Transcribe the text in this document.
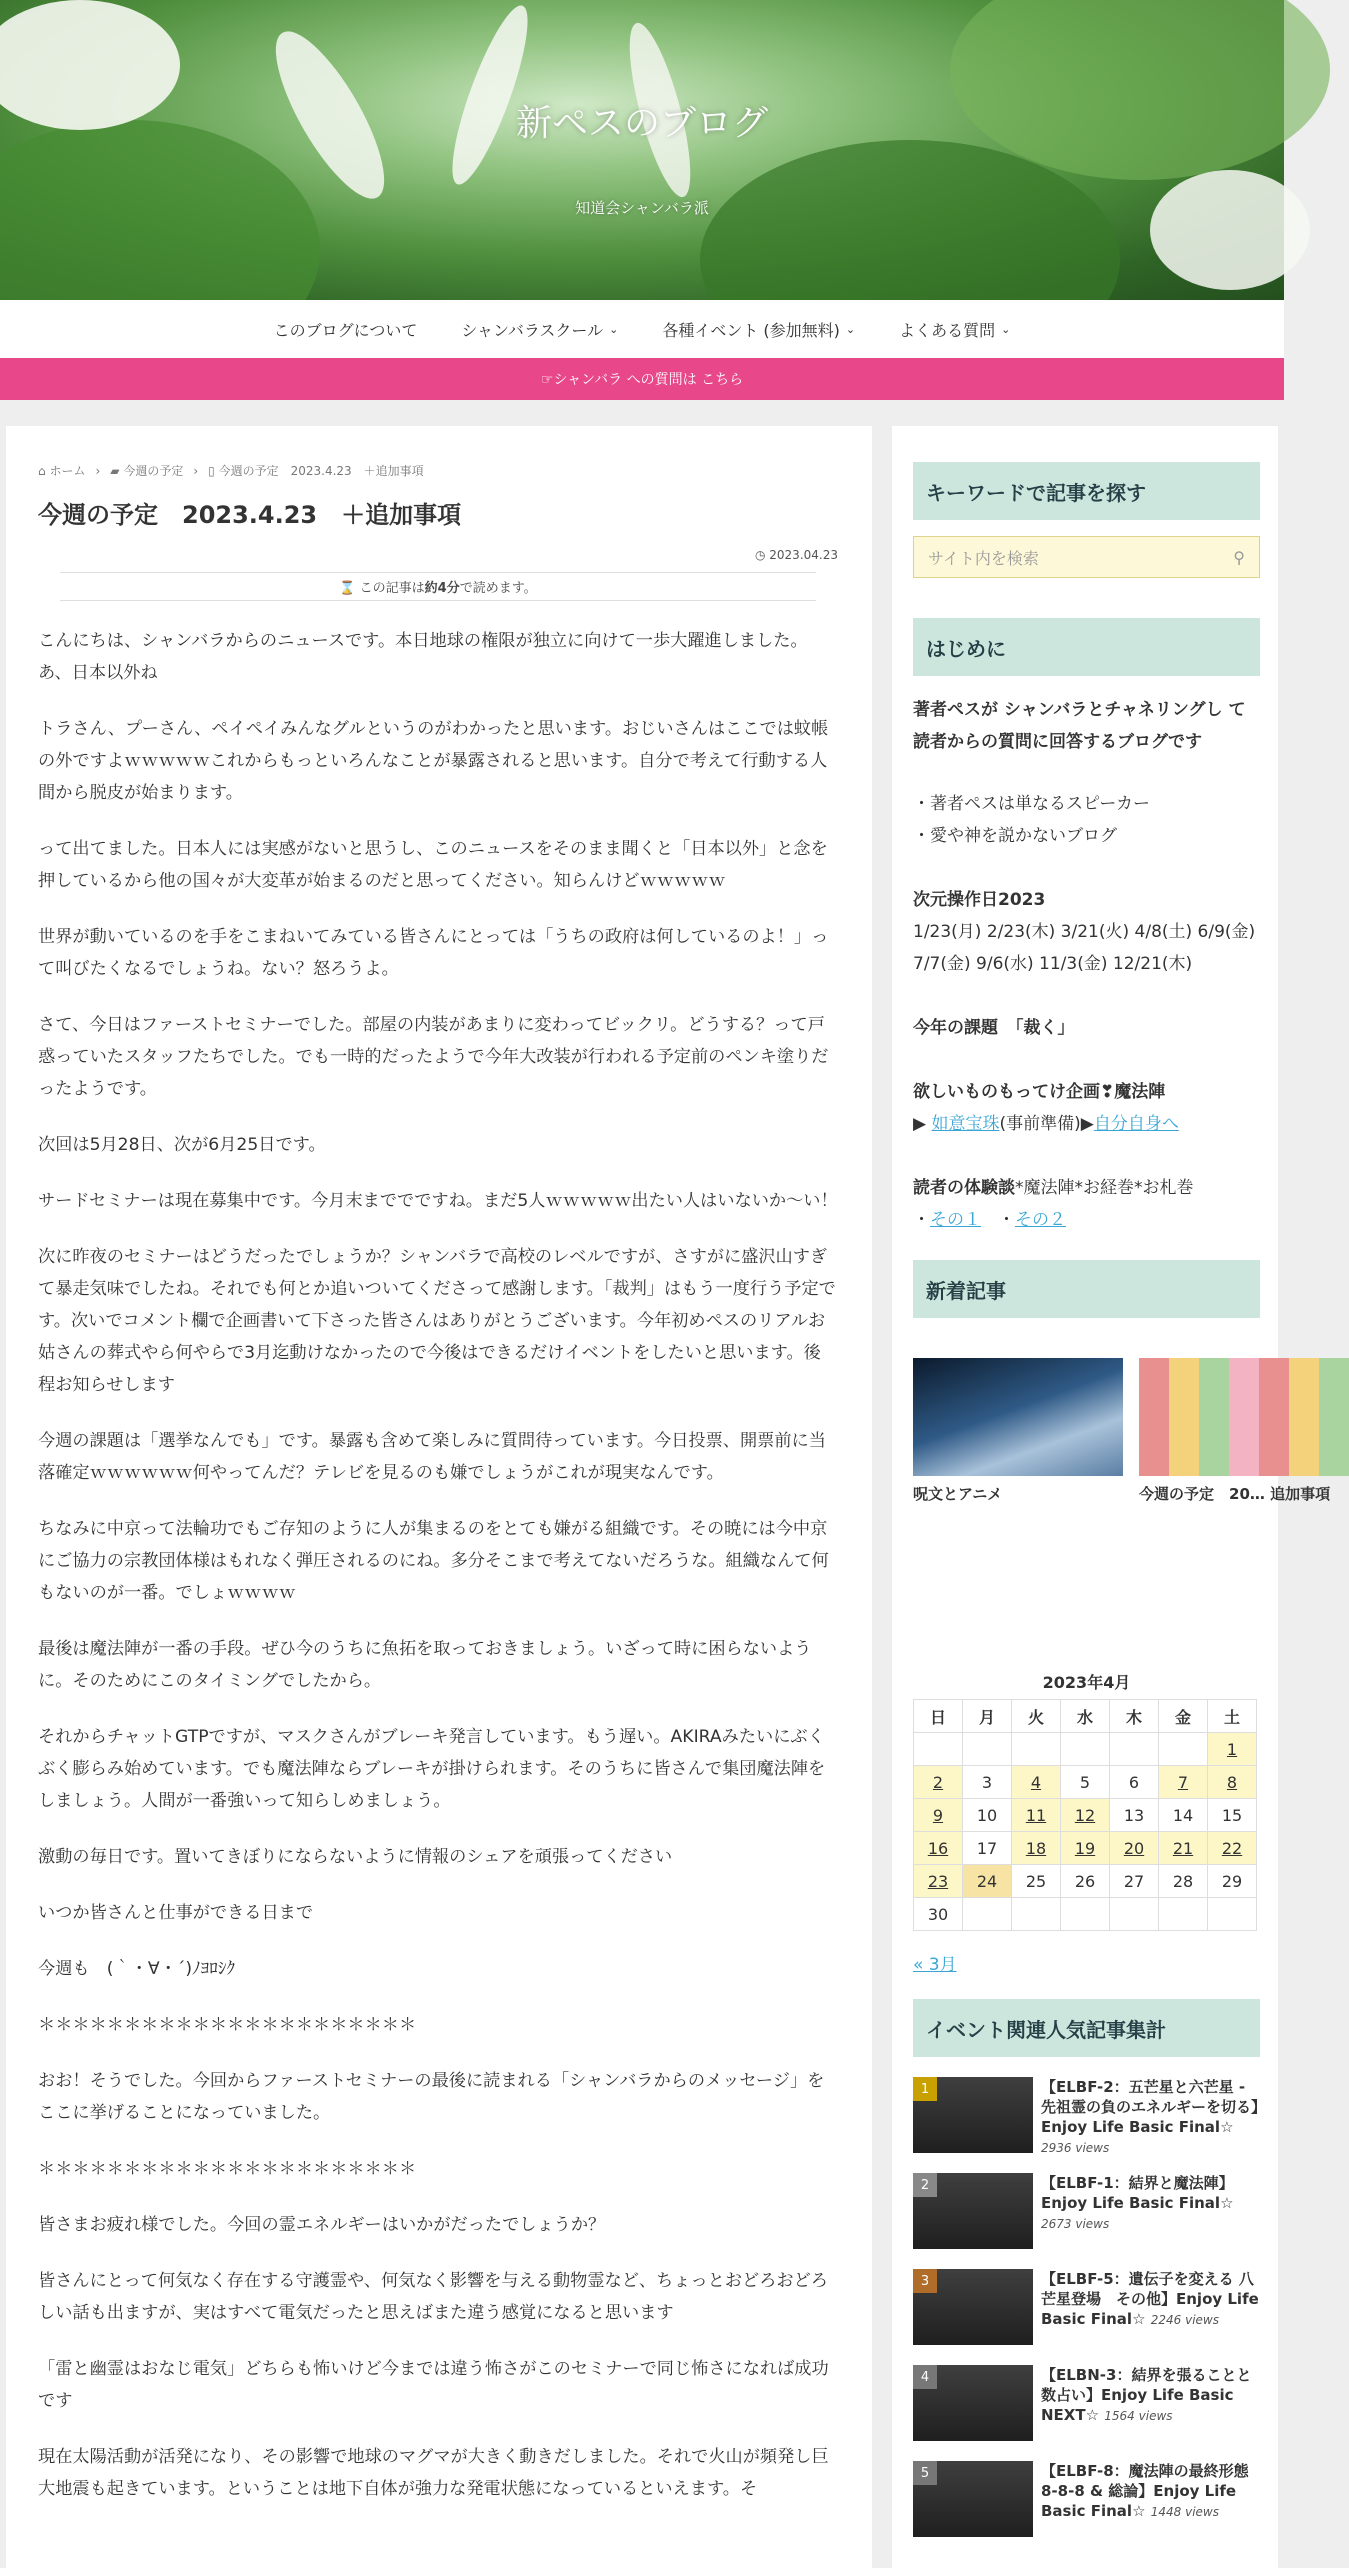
新ペスのブログ
知道会シャンバラ派
このブログについて	シャンバラスクール ⌄	各種イベント (参加無料) ⌄	よくある質問 ⌄
☞シャンバラ への質問は こちら
⌂ ホーム › ▰ 今週の予定 › ▯ 今週の予定　2023.4.23　＋追加事項
今週の予定　2023.4.23　＋追加事項
◷ 2023.04.23
⌛ この記事は約4分で読めます。

こんにちは、シャンバラからのニュースです。本日地球の権限が独立に向けて一歩大躍進しました。あ、日本以外ね

トラさん、プーさん、ペイペイみんなグルというのがわかったと思います。おじいさんはここでは蚊帳の外ですよｗｗｗｗｗこれからもっといろんなことが暴露されると思います。自分で考えて行動する人間から脱皮が始まります。

って出てました。日本人には実感がないと思うし、このニュースをそのまま聞くと「日本以外」と念を押しているから他の国々が大変革が始まるのだと思ってください。知らんけどｗｗｗｗｗ

世界が動いているのを手をこまねいてみている皆さんにとっては「うちの政府は何しているのよ！」って叫びたくなるでしょうね。ない？怒ろうよ。

さて、今日はファーストセミナーでした。部屋の内装があまりに変わってビックリ。どうする？って戸惑っていたスタッフたちでした。でも一時的だったようで今年大改装が行われる予定前のペンキ塗りだったようです。

次回は5月28日、次が6月25日です。

サードセミナーは現在募集中です。今月末まででですね。まだ5人ｗｗｗｗｗ出たい人はいないか～い！

次に昨夜のセミナーはどうだったでしょうか？シャンバラで高校のレベルですが、さすがに盛沢山すぎて暴走気味でしたね。それでも何とか追いついてくださって感謝します。「裁判」はもう一度行う予定です。次いでコメント欄で企画書いて下さった皆さんはありがとうございます。今年初めペスのリアルお姑さんの葬式やら何やらで3月迄動けなかったので今後はできるだけイベントをしたいと思います。後程お知らせします

今週の課題は「選挙なんでも」です。暴露も含めて楽しみに質問待っています。今日投票、開票前に当落確定ｗｗｗｗｗｗ何やってんだ？テレビを見るのも嫌でしょうがこれが現実なんです。

ちなみに中京って法輪功でもご存知のように人が集まるのをとても嫌がる組織です。その暁には今中京にご協力の宗教団体様はもれなく弾圧されるのにね。多分そこまで考えてないだろうな。組織なんて何もないのが一番。でしょｗｗｗｗ

最後は魔法陣が一番の手段。ぜひ今のうちに魚拓を取っておきましょう。いざって時に困らないように。そのためにこのタイミングでしたから。

それからチャットGTPですが、マスクさんがブレーキ発言しています。もう遅い。AKIRAみたいにぶくぶく膨らみ始めています。でも魔法陣ならブレーキが掛けられます。そのうちに皆さんで集団魔法陣をしましょう。人間が一番強いって知らしめましょう。

激動の毎日です。置いてきぼりにならないように情報のシェアを頑張ってください

いつか皆さんと仕事ができる日まで

今週も　(｀・∀・´)ﾉﾖﾛｼｸ

＊＊＊＊＊＊＊＊＊＊＊＊＊＊＊＊＊＊＊＊＊＊

おお！そうでした。今回からファーストセミナーの最後に読まれる「シャンバラからのメッセージ」をここに挙げることになっていました。

＊＊＊＊＊＊＊＊＊＊＊＊＊＊＊＊＊＊＊＊＊＊

皆さまお疲れ様でした。今回の霊エネルギーはいかがだったでしょうか？

皆さんにとって何気なく存在する守護霊や、何気なく影響を与える動物霊など、ちょっとおどろおどろしい話も出ますが、実はすべて電気だったと思えばまた違う感覚になると思います

「雷と幽霊はおなじ電気」どちらも怖いけど今までは違う怖さがこのセミナーで同じ怖さになれば成功です

現在太陽活動が活発になり、その影響で地球のマグマが大きく動きだしました。それで火山が頻発し巨大地震も起きています。ということは地下自体が強力な発電状態になっているといえます。そ

キーワードで記事を探す
サイト内を検索	⚲
はじめに

著者ペスが シャンバラとチャネリングし て 読者からの質問に回答するブログです

・著者ペスは単なるスピーカー

・愛や神を説かないブログ

次元操作日2023

1/23(月) 2/23(木) 3/21(火) 4/8(土) 6/9(金) 7/7(金) 9/6(水) 11/3(金) 12/21(木)

今年の課題　「裁く」

欲しいものもってけ企画❣魔法陣

▶ 如意宝珠(事前準備)▶自分自身へ

読者の体験談*魔法陣*お経巻*お札巻

・その１　 ・その２

新着記事
呪文とアニメ	今週の予定　20… 追加事項
2023年4月
日	月	火	水	木	金	土
						1
2	3	4	5	6	7	8
9	10	11	12	13	14	15
16	17	18	19	20	21	22
23	24	25	26	27	28	29
30						

« 3月

イベント関連人気記事集計
1	【ELBF-2：五芒星と六芒星 - 先祖霊の負のエネルギーを切る】Enjoy Life Basic Final☆ 2936 views
2	【ELBF-1：結界と魔法陣】 Enjoy Life Basic Final☆ 2673 views
3	【ELBF-5：遺伝子を変える 八芒星登場　その他】Enjoy Life Basic Final☆ 2246 views
4	【ELBN-3：結界を張ることと数占い】Enjoy Life Basic NEXT☆ 1564 views
5	【ELBF-8：魔法陣の最終形態 8-8-8 & 総論】Enjoy Life Basic Final☆ 1448 views
